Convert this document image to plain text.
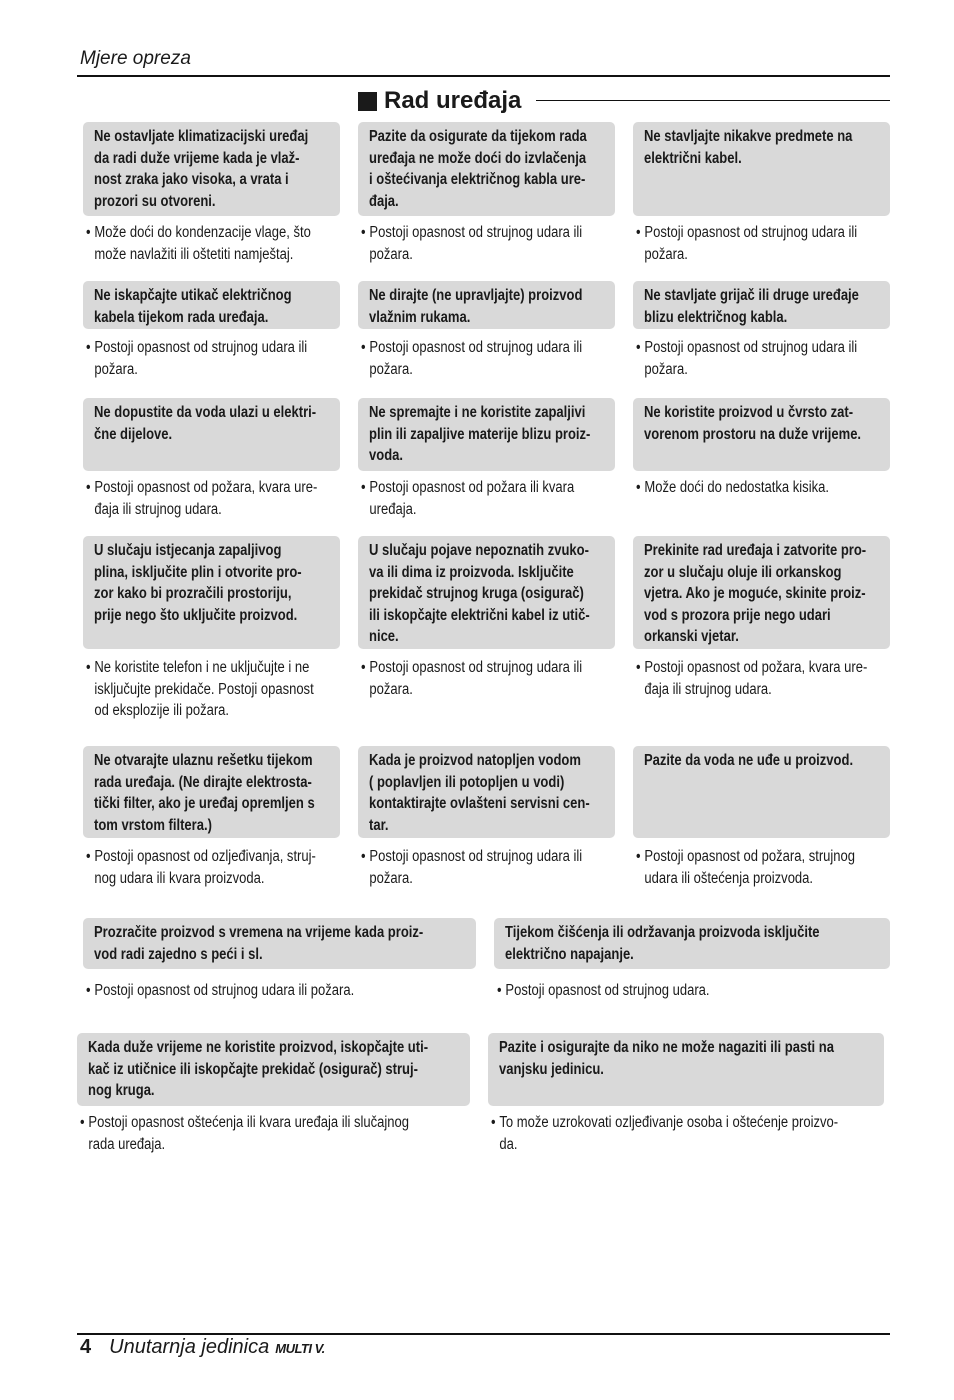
Mjere opreza
Rad uređaja
Ne ostavljate klimatizacijski uređaj
da radi duže vrijeme kada je vlaž-
nost zraka jako visoka, a vrata i
prozori su otvoreni.
• Može doći do kondenzacije vlage, što
može navlažiti ili oštetiti namještaj.
Pazite da osigurate da tijekom rada
uređaja ne može doći do izvlačenja
i oštećivanja električnog kabla ure-
đaja.
• Postoji opasnost od strujnog udara ili
požara.
Ne stavljajte nikakve predmete na
električni kabel.
• Postoji opasnost od strujnog udara ili
požara.
Ne iskapčajte utikač električnog
kabela tijekom rada uređaja.
• Postoji opasnost od strujnog udara ili
požara.
Ne dirajte (ne upravljajte) proizvod
vlažnim rukama.
• Postoji opasnost od strujnog udara ili
požara.
Ne stavljate grijač ili druge uređaje
blizu električnog kabla.
• Postoji opasnost od strujnog udara ili
požara.
Ne dopustite da voda ulazi u elektri-
čne dijelove.
• Postoji opasnost od požara, kvara ure-
đaja ili strujnog udara.
Ne spremajte i ne koristite zapaljivi
plin ili zapaljive materije blizu proiz-
voda.
• Postoji opasnost od požara ili kvara
uređaja.
Ne koristite proizvod u čvrsto zat-
vorenom prostoru na duže vrijeme.
• Može doći do nedostatka kisika.
U slučaju istjecanja zapaljivog
plina, isključite plin i otvorite pro-
zor kako bi prozračili prostoriju,
prije nego što uključite proizvod.
• Ne koristite telefon i ne uključujte i ne
isključujte prekidače. Postoji opasnost
od eksplozije ili požara.
U slučaju pojave nepoznatih zvuko-
va ili dima iz proizvoda. Isključite
prekidač strujnog kruga (osigurač)
ili iskopčajte električni kabel iz utič-
nice.
• Postoji opasnost od strujnog udara ili
požara.
Prekinite rad uređaja i zatvorite pro-
zor u slučaju oluje ili orkanskog
vjetra. Ako je moguće, skinite proiz-
vod s prozora prije nego udari
orkanski vjetar.
• Postoji opasnost od požara, kvara ure-
đaja ili strujnog udara.
Ne otvarajte ulaznu rešetku tijekom
rada uređaja. (Ne dirajte elektrosta-
tički filter, ako je uređaj opremljen s
tom vrstom filtera.)
• Postoji opasnost od ozljeđivanja, struj-
nog udara ili kvara proizvoda.
Kada je proizvod natopljen vodom
( poplavljen ili potopljen u vodi)
kontaktirajte ovlašteni servisni cen-
tar.
• Postoji opasnost od strujnog udara ili
požara.
Pazite da voda ne uđe u proizvod.
• Postoji opasnost od požara, strujnog
udara ili oštećenja proizvoda.
Prozračite proizvod s vremena na vrijeme kada proiz-
vod radi zajedno s peći i sl.
• Postoji opasnost od strujnog udara ili požara.
Tijekom čišćenja ili održavanja proizvoda isključite
električno napajanje.
• Postoji opasnost od strujnog udara.
Kada duže vrijeme ne koristite proizvod, iskopčajte uti-
kač iz utičnice ili iskopčajte prekidač (osigurač) struj-
nog kruga.
• Postoji opasnost oštećenja ili kvara uređaja ili slučajnog
rada uređaja.
Pazite i osigurajte da niko ne može nagaziti ili pasti na
vanjsku jedinicu.
• To može uzrokovati ozljeđivanje osoba i oštećenje proizvo-
da.
4 Unutarnja jedinica MULTI V.
